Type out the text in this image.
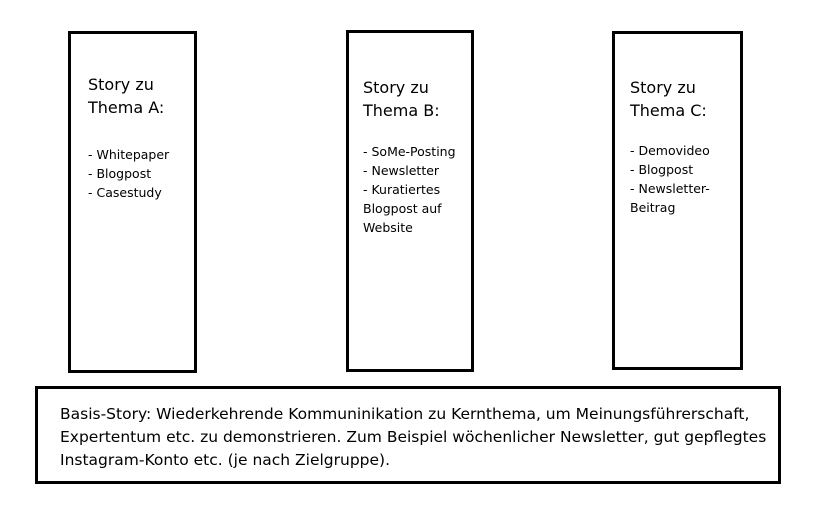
Story zu
Thema A:
- Whitepaper
- Blogpost
- Casestudy
Story zu
Thema B:
- SoMe-Posting
- Newsletter
- Kuratiertes Blogpost auf Website
Story zu
Thema C:
- Demovideo
- Blogpost
- Newsletter-Beitrag

Basis-Story: Wiederkehrende Kommuninikation zu Kernthema, um Meinungsführerschaft, Expertentum etc. zu demonstrieren. Zum Beispiel wöchenlicher Newsletter, gut gepflegtes Instagram-Konto etc. (je nach Zielgruppe).
